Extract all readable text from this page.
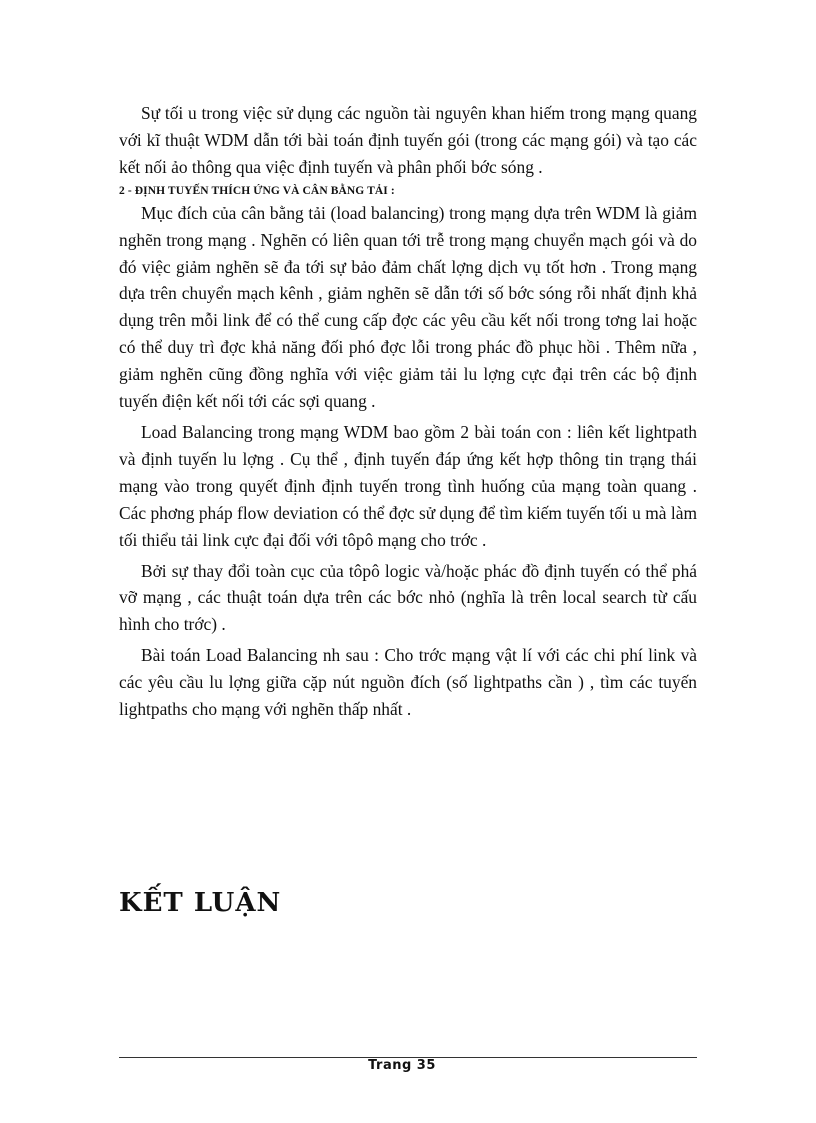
Sự tối u trong việc sử dụng các nguồn tài nguyên khan hiếm trong mạng quang với kĩ thuật WDM dẫn tới bài toán định tuyến gói (trong các mạng gói) và tạo các kết nối ảo thông qua việc định tuyến và phân phối bớc sóng .

2 - ĐỊNH TUYẾN THÍCH ỨNG VÀ CÂN BẰNG TẢI :

Mục đích của cân bằng tải (load balancing) trong mạng dựa trên WDM là giảm nghẽn trong mạng . Nghẽn có liên quan tới trễ trong mạng chuyển mạch gói và do đó việc giảm nghẽn sẽ đa tới sự bảo đảm chất lợng dịch vụ tốt hơn . Trong mạng dựa trên chuyển mạch kênh , giảm nghẽn sẽ dẫn tới số bớc sóng rỗi nhất định khả dụng trên mỗi link để có thể cung cấp đợc các yêu cầu kết nối trong tơng lai hoặc có thể duy trì đợc khả năng đối phó đợc lỗi trong phác đồ phục hồi . Thêm nữa , giảm nghẽn cũng đồng nghĩa với việc giảm tải lu lợng cực đại trên các bộ định tuyến điện kết nối tới các sợi quang .

Load Balancing trong mạng WDM bao gồm 2 bài toán con : liên kết lightpath và định tuyến lu lợng . Cụ thể , định tuyến đáp ứng kết hợp thông tin trạng thái mạng vào trong quyết định định tuyến trong tình huống của mạng toàn quang . Các phơng pháp flow deviation có thể đợc sử dụng để tìm kiếm tuyến tối u mà làm tối thiểu tải link cực đại đối với tôpô mạng cho trớc .

Bởi sự thay đổi toàn cục của tôpô logic và/hoặc phác đồ định tuyến có thể phá vỡ mạng , các thuật toán dựa trên các bớc nhỏ (nghĩa là trên local search từ cấu hình cho trớc) .

Bài toán Load Balancing nh sau : Cho trớc mạng vật lí với các chi phí link và các yêu cầu lu lợng giữa cặp nút nguồn đích (số lightpaths cần ) , tìm các tuyến lightpaths cho mạng với nghẽn thấp nhất .

KẾT LUẬN
Trang 35
